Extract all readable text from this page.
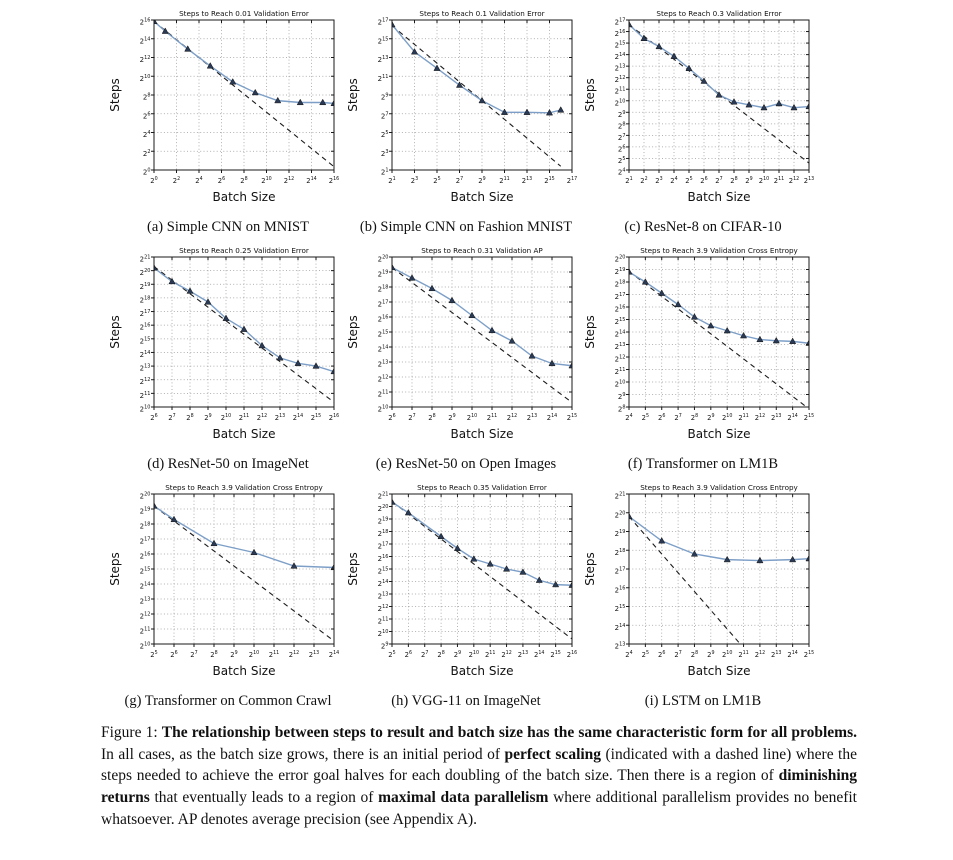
$2^0$ $2^2$ $2^4$ $2^6$ $2^8$ $2^{10}$ $2^{12}$ $2^{14}$ $2^{16}$
$2^0$
$2^2$
$2^4$
$2^6$
$2^8$
$2^{10}$
$2^{12}$
$2^{14}$
$2^{16}$
Steps to Reach 0.01 Validation Error
Batch Size
Steps
(a) Simple CNN on MNIST
$2^1$ $2^3$ $2^5$ $2^7$ $2^9$ $2^{11}$ $2^{13}$ $2^{15}$ $2^{17}$
$2^1$
$2^3$
$2^5$
$2^7$
$2^9$
$2^{11}$
$2^{13}$
$2^{15}$
$2^{17}$
Steps to Reach 0.1 Validation Error
Batch Size
Steps
(b) Simple CNN on Fashion MNIST
$2^1$ $2^2$ $2^3$ $2^4$ $2^5$ $2^6$ $2^7$ $2^8$ $2^9$ $2^{10}$ $2^{11}$ $2^{12}$ $2^{13}$
$2^4$
$2^5$
$2^6$
$2^7$
$2^8$
$2^9$
$2^{10}$
$2^{11}$
$2^{12}$
$2^{13}$
$2^{14}$
$2^{15}$
$2^{16}$
$2^{17}$
Steps to Reach 0.3 Validation Error
Batch Size
Steps
(c) ResNet-8 on CIFAR-10
$2^6$ $2^7$ $2^8$ $2^9$ $2^{10}$ $2^{11}$ $2^{12}$ $2^{13}$ $2^{14}$ $2^{15}$ $2^{16}$
$2^{10}$
$2^{11}$
$2^{12}$
$2^{13}$
$2^{14}$
$2^{15}$
$2^{16}$
$2^{17}$
$2^{18}$
$2^{19}$
$2^{20}$
$2^{21}$
Steps to Reach 0.25 Validation Error
Batch Size
Steps
(d) ResNet-50 on ImageNet
$2^6$ $2^7$ $2^8$ $2^9$ $2^{10}$ $2^{11}$ $2^{12}$ $2^{13}$ $2^{14}$ $2^{15}$
$2^{10}$
$2^{11}$
$2^{12}$
$2^{13}$
$2^{14}$
$2^{15}$
$2^{16}$
$2^{17}$
$2^{18}$
$2^{19}$
$2^{20}$
Steps to Reach 0.31 Validation AP
Batch Size
Steps
(e) ResNet-50 on Open Images
$2^4$ $2^5$ $2^6$ $2^7$ $2^8$ $2^9$ $2^{10}$ $2^{11}$ $2^{12}$ $2^{13}$ $2^{14}$ $2^{15}$
$2^8$
$2^9$
$2^{10}$
$2^{11}$
$2^{12}$
$2^{13}$
$2^{14}$
$2^{15}$
$2^{16}$
$2^{17}$
$2^{18}$
$2^{19}$
$2^{20}$
Steps to Reach 3.9 Validation Cross Entropy
Batch Size
Steps
(f) Transformer on LM1B
$2^5$ $2^6$ $2^7$ $2^8$ $2^9$ $2^{10}$ $2^{11}$ $2^{12}$ $2^{13}$ $2^{14}$
$2^{10}$
$2^{11}$
$2^{12}$
$2^{13}$
$2^{14}$
$2^{15}$
$2^{16}$
$2^{17}$
$2^{18}$
$2^{19}$
$2^{20}$
Steps to Reach 3.9 Validation Cross Entropy
Batch Size
Steps
(g) Transformer on Common Crawl
$2^5$ $2^6$ $2^7$ $2^8$ $2^9$ $2^{10}$ $2^{11}$ $2^{12}$ $2^{13}$ $2^{14}$ $2^{15}$ $2^{16}$
$2^9$
$2^{10}$
$2^{11}$
$2^{12}$
$2^{13}$
$2^{14}$
$2^{15}$
$2^{16}$
$2^{17}$
$2^{18}$
$2^{19}$
$2^{20}$
$2^{21}$
Steps to Reach 0.35 Validation Error
Batch Size
Steps
(h) VGG-11 on ImageNet
$2^4$ $2^5$ $2^6$ $2^7$ $2^8$ $2^9$ $2^{10}$ $2^{11}$ $2^{12}$ $2^{13}$ $2^{14}$ $2^{15}$
$2^{13}$
$2^{14}$
$2^{15}$
$2^{16}$
$2^{17}$
$2^{18}$
$2^{19}$
$2^{20}$
$2^{21}$
Steps to Reach 3.9 Validation Cross Entropy
Batch Size
Steps
(i) LSTM on LM1B
Figure 1: The relationship between steps to result and batch size has the same characteristic form for all problems. In all cases, as the batch size grows, there is an initial period of perfect scaling (indicated with a dashed line) where the steps needed to achieve the error goal halves for each doubling of the batch size. Then there is a region of diminishing returns that eventually leads to a region of maximal data parallelism where additional parallelism provides no benefit whatsoever. AP denotes average precision (see Appendix A).
